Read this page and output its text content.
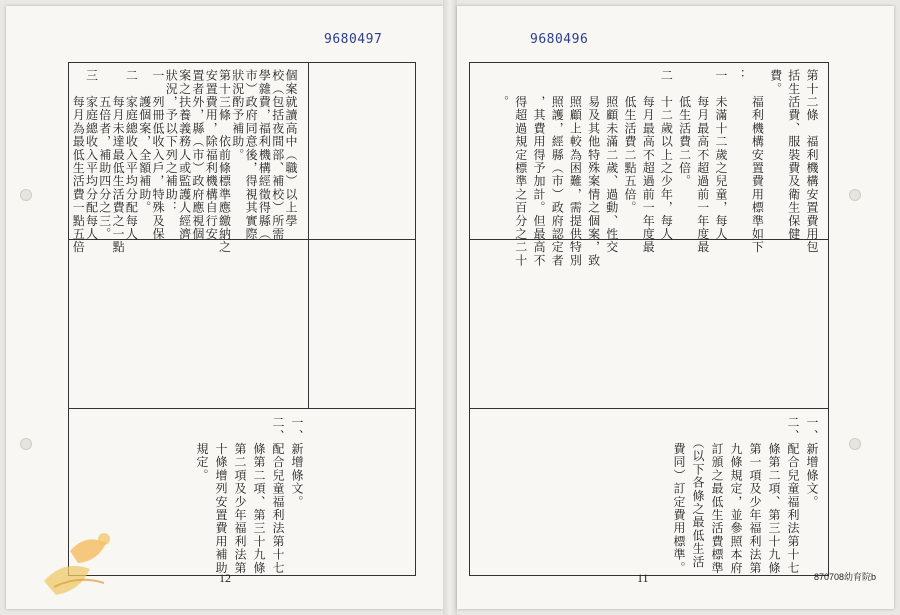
9680497
個案就讀高中（職）以上學
校（包括夜間部、補校）所需
學雜費，福利機構經徵得縣（
市）政府同意後，得視其實際
狀況酌予補助。
第十三條　依前條標準應繳納之
安置費用，除福利機構自行安
置者外，縣（市）政府應視個
案之扶養義務人或監護人經濟
狀況，予以下列之補助：
一　列冊低收入戶，特殊及保
　　護個案，全額補助。
二　家庭總收入平均分配每人
　　每月未達最低生活費之一點
　　五倍者，補助四分之三。
三　家庭總收入平均分配每人
　　每月為最低生活費一點五倍
一、新增條文。
二、配合兒童福利法第十七
　　條第二項、第三十九條
　　第二項及少年福利法第
　　十條增列安置費用補助
　　規定。
12
9680496
第十二條　福利機構安置費用包
括生活費、服裝費及衛生保健
費。
　　福利機構安置費用標準如下
：
一　未滿十二歲之兒童，每人
　　每月最高不超過前一年度最
　　低生活費二倍。
二　十二歲以上之少年，每人
　　每月最高不超過前一年度最
　　低生活費二點五倍。
　　照顧未滿二歲、過動、性交
　　易及其他特殊案情之個案，致
　　照顧上較為困難，需提供特別
　　照護，經縣（市）政府認定者
　　，其費用得予加計。但最高不
　　得超過規定標準之百分之二十
　　。
一、新增條文。
二、配合兒童福利法第十七
　　條第二項、第三十九條
　　第一項及少年福利法第
　　九條規定，並參照本府
　　訂頒之最低生活費標準
　　（以下各條之最低生活
　　費同）訂定費用標準。
11	870708幼育院b
